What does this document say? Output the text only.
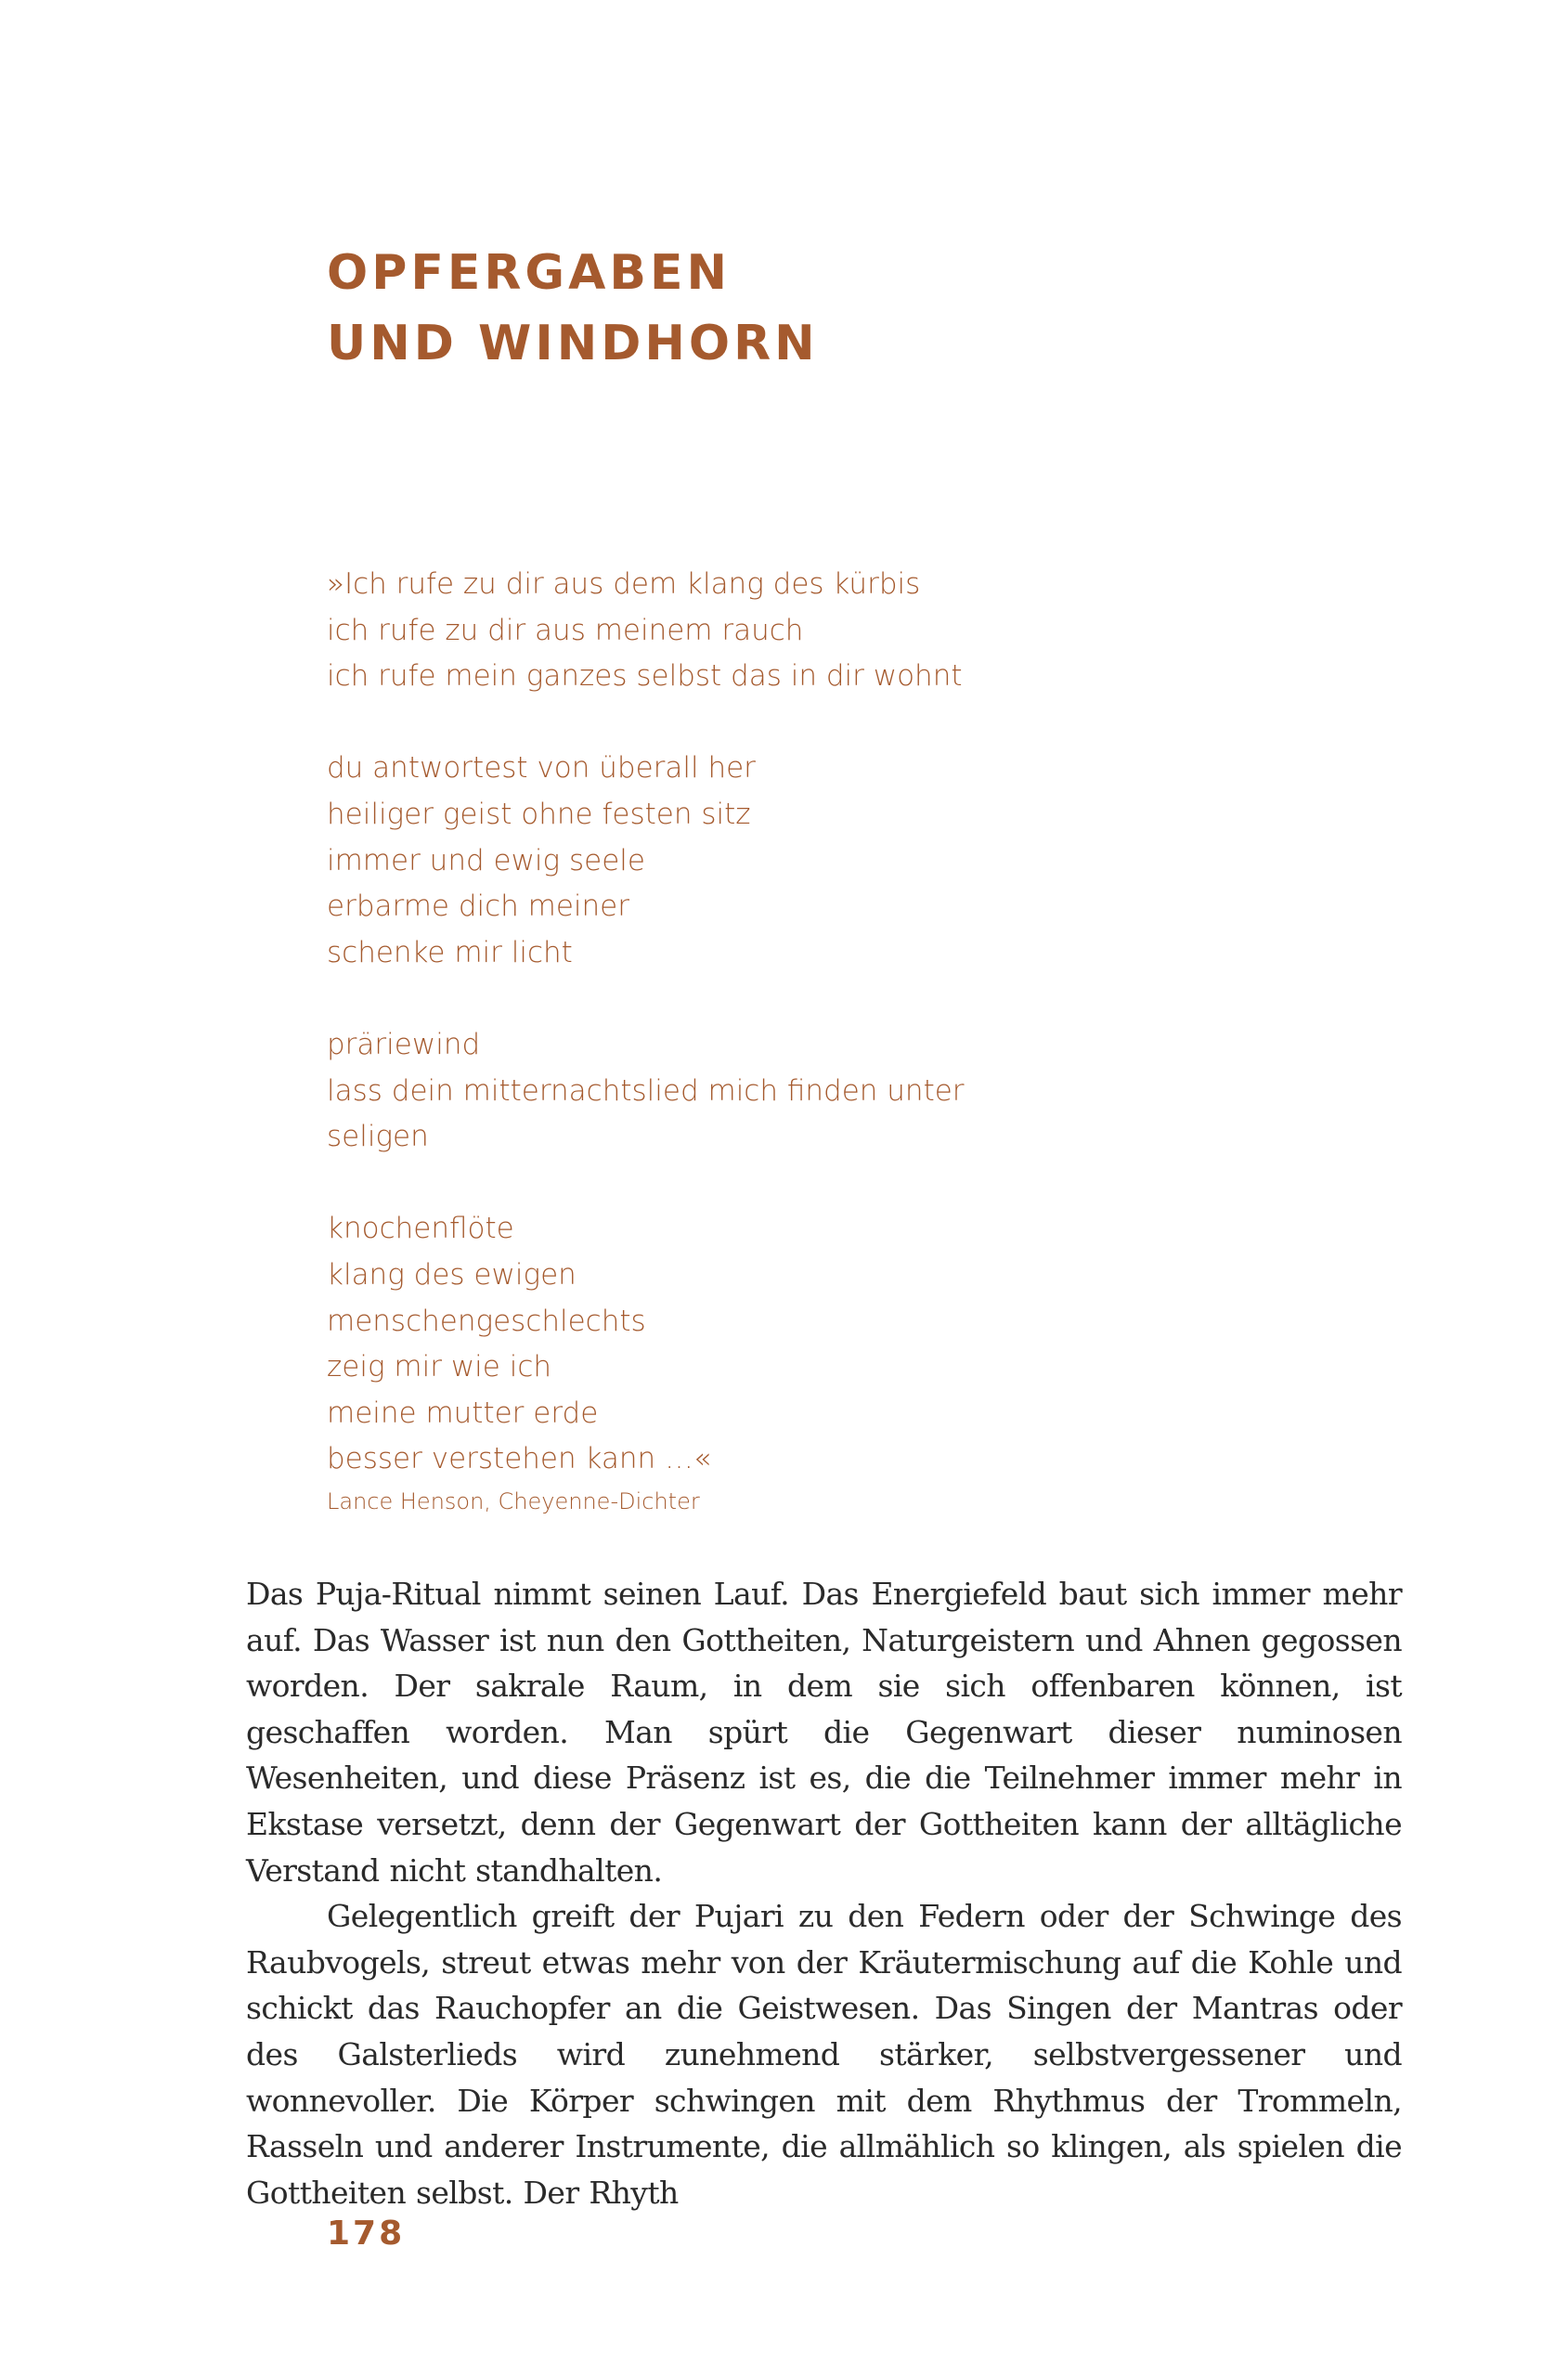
OPFERGABEN
UND WINDHORN
»Ich rufe zu dir aus dem klang des kürbis
ich rufe zu dir aus meinem rauch
ich rufe mein ganzes selbst das in dir wohnt
du antwortest von überall her
heiliger geist ohne festen sitz
immer und ewig seele
erbarme dich meiner
schenke mir licht
präriewind
lass dein mitternachtslied mich finden unter
seligen
knochenflöte
klang des ewigen
menschengeschlechts
zeig mir wie ich
meine mutter erde
besser verstehen kann …«
Lance Henson, Cheyenne-Dichter

Das Puja-Ritual nimmt seinen Lauf. Das Energiefeld baut sich immer mehr auf. Das Wasser ist nun den Gottheiten, Naturgeistern und Ahnen gegossen worden. Der sakrale Raum, in dem sie sich offenbaren können, ist geschaffen worden. Man spürt die Gegenwart dieser numinosen Wesenheiten, und diese Präsenz ist es, die die Teilnehmer immer mehr in Ekstase versetzt, denn der Gegenwart der Gottheiten kann der alltägliche Verstand nicht standhalten.

Gelegentlich greift der Pujari zu den Federn oder der Schwinge des Raubvogels, streut etwas mehr von der Kräutermischung auf die Kohle und schickt das Rauchopfer an die Geistwesen. Das Singen der Mantras oder des Galsterlieds wird zunehmend stärker, selbstvergessener und wonnevoller. Die Körper schwingen mit dem Rhythmus der Trommeln, Rasseln und anderer Instrumente, die allmählich so klingen, als spielen die Gottheiten selbst. Der Rhyth

178
